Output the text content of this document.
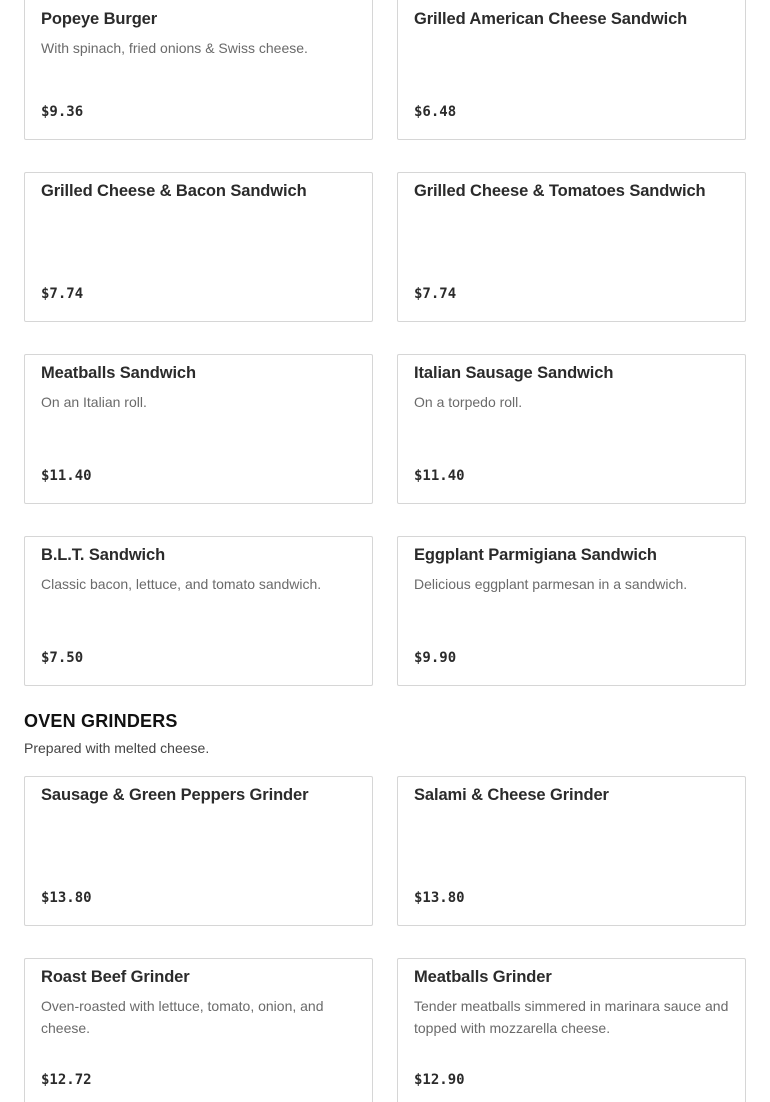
Popeye Burger
With spinach, fried onions & Swiss cheese.
$9.36
Grilled American Cheese Sandwich
$6.48
Grilled Cheese & Bacon Sandwich
$7.74
Grilled Cheese & Tomatoes Sandwich
$7.74
Meatballs Sandwich
On an Italian roll.
$11.40
Italian Sausage Sandwich
On a torpedo roll.
$11.40
B.L.T. Sandwich
Classic bacon, lettuce, and tomato sandwich.
$7.50
Eggplant Parmigiana Sandwich
Delicious eggplant parmesan in a sandwich.
$9.90
OVEN GRINDERS

Prepared with melted cheese.

Sausage & Green Peppers Grinder
$13.80
Salami & Cheese Grinder
$13.80
Roast Beef Grinder
Oven-roasted with lettuce, tomato, onion, and cheese.
$12.72
Meatballs Grinder
Tender meatballs simmered in marinara sauce and topped with mozzarella cheese.
$12.90
